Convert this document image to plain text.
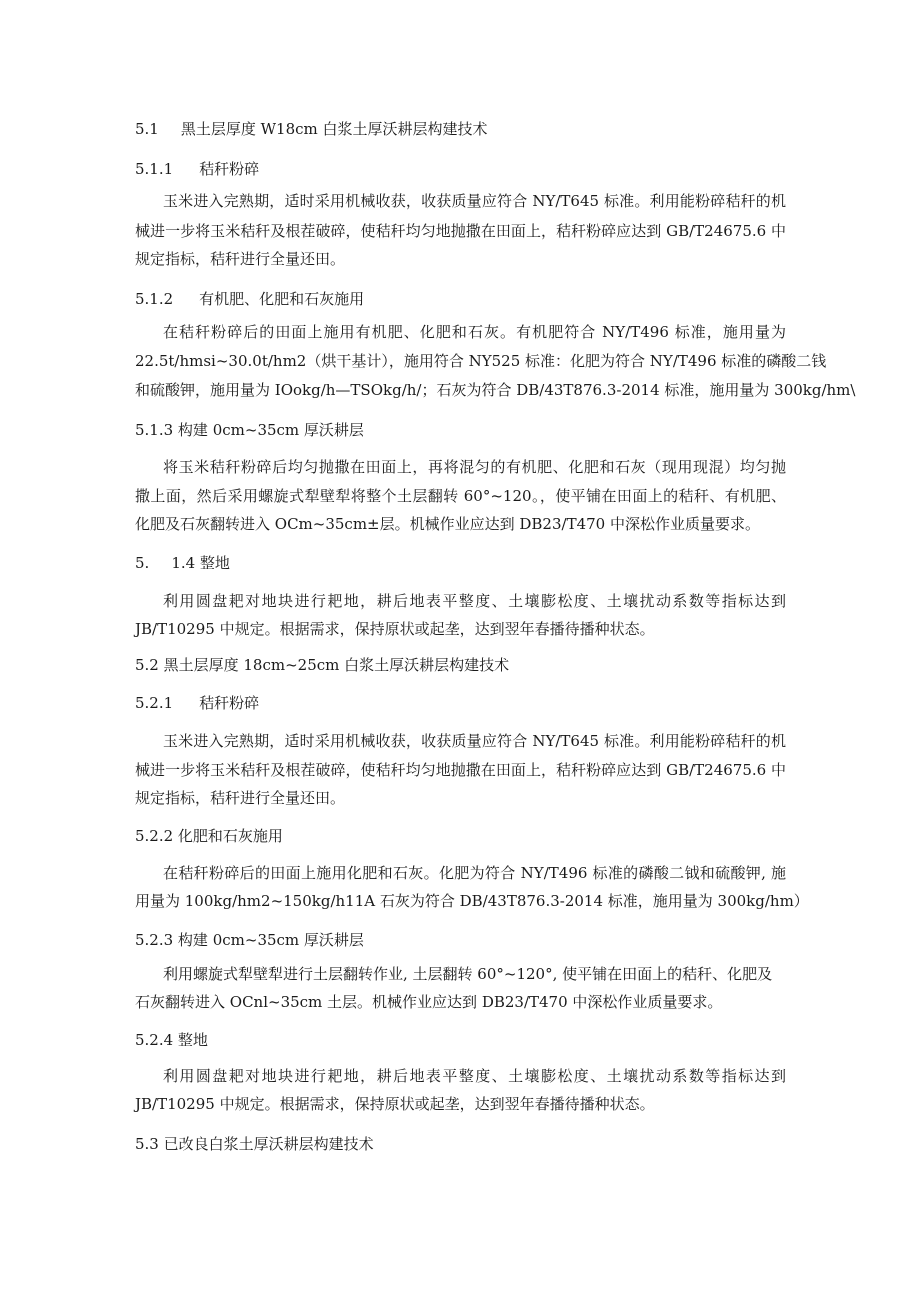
5.1 黑土层厚度 W18cm 白浆土厚沃耕层构建技术
5.1.1 秸秆粉碎
玉米进入完熟期，适时采用机械收获，收获质量应符合 NY/T645 标准。利用能粉碎秸秆的机
械进一步将玉米秸秆及根茬破碎，使秸秆均匀地抛撒在田面上，秸秆粉碎应达到 GB/T24675.6 中
规定指标，秸秆进行全量还田。
5.1.2 有机肥、化肥和石灰施用
在秸秆粉碎后的田面上施用有机肥、化肥和石灰。有机肥符合 NY/T496 标准，施用量为
22.5t/hmsi~30.0t/hm2（烘干基计），施用符合 NY525 标准：化肥为符合 NY/T496 标准的磷酸二钱
和硫酸钾，施用量为 IOokg/h—TSOkg/h/；石灰为符合 DB/43T876.3-2014 标准，施用量为 300kg/hm\
5.1.3 构建 0cm~35cm 厚沃耕层
将玉米秸秆粉碎后均匀抛撒在田面上，再将混匀的有机肥、化肥和石灰（现用现混）均匀抛
撒上面，然后采用螺旋式犁壁犁将整个土层翻转 60°~120。，使平铺在田面上的秸秆、有机肥、
化肥及石灰翻转进入 OCm~35cm±层。机械作业应达到 DB23/T470 中深松作业质量要求。
5. 1.4 整地
利用圆盘耙对地块进行耙地，耕后地表平整度、土壤膨松度、土壤扰动系数等指标达到
JB/T10295 中规定。根据需求，保持原状或起垄，达到翌年春播待播种状态。
5.2 黑土层厚度 18cm~25cm 白浆土厚沃耕层构建技术
5.2.1 秸秆粉碎
玉米进入完熟期，适时采用机械收获，收获质量应符合 NY/T645 标准。利用能粉碎秸秆的机
械进一步将玉米秸秆及根茬破碎，使秸秆均匀地抛撒在田面上，秸秆粉碎应达到 GB/T24675.6 中
规定指标，秸秆进行全量还田。
5.2.2 化肥和石灰施用
在秸秆粉碎后的田面上施用化肥和石灰。化肥为符合 NY/T496 标准的磷酸二钺和硫酸钾, 施
用量为 100kg/hm2~150kg/h11A 石灰为符合 DB/43T876.3-2014 标准，施用量为 300kg/hm）
5.2.3 构建 0cm~35cm 厚沃耕层
利用螺旋式犁壁犁进行土层翻转作业, 土层翻转 60°~120°, 使平铺在田面上的秸秆、化肥及
石灰翻转进入 OCnl~35cm 土层。机械作业应达到 DB23/T470 中深松作业质量要求。
5.2.4 整地
利用圆盘耙对地块进行耙地，耕后地表平整度、土壤膨松度、土壤扰动系数等指标达到
JB/T10295 中规定。根据需求，保持原状或起垄，达到翌年春播待播种状态。
5.3 已改良白浆土厚沃耕层构建技术
